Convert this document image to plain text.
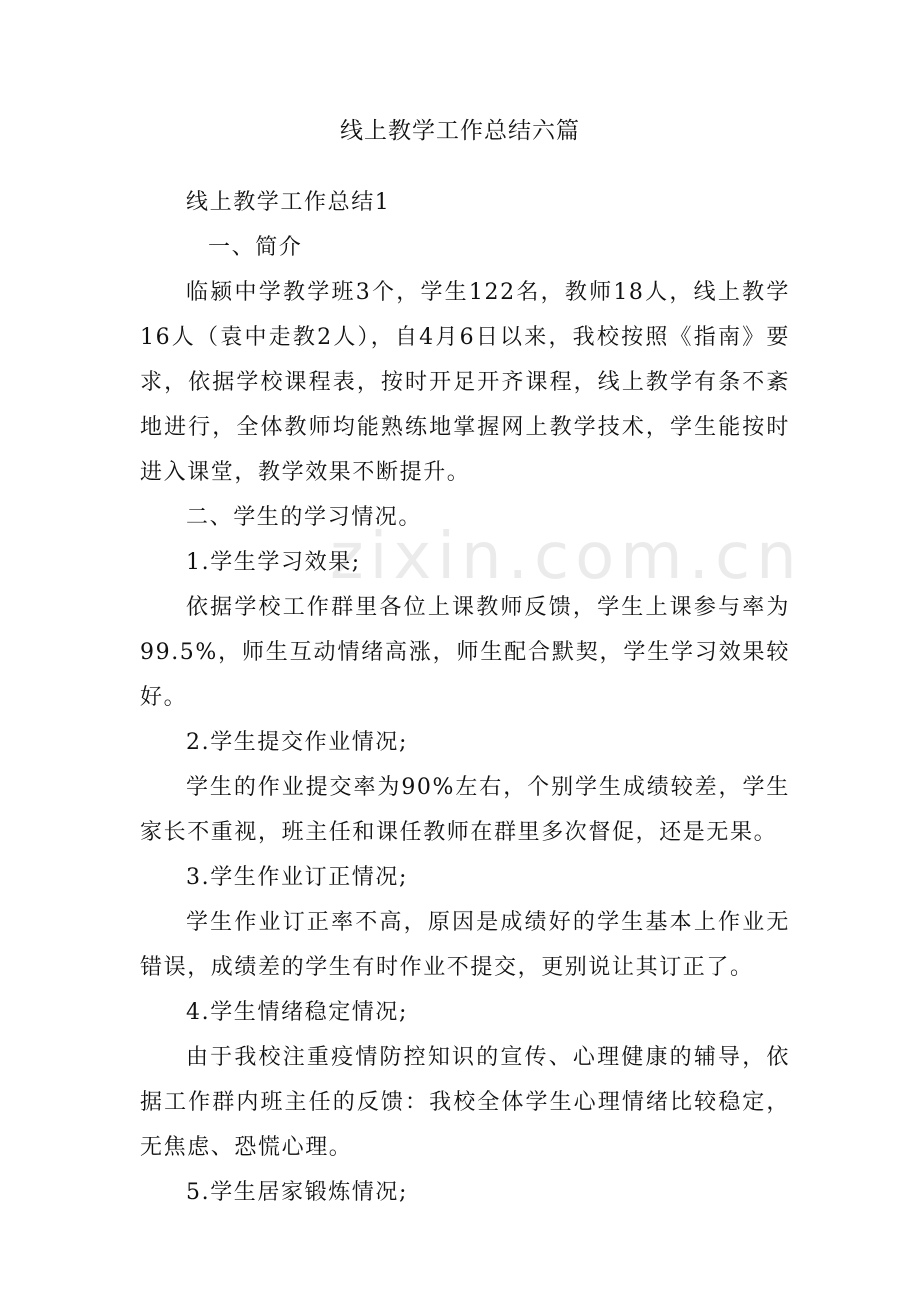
线上教学工作总结六篇
zixin.com.cn

线上教学工作总结1

一、简介

临颍中学教学班3个，学生122名，教师18人，线上教学16人（袁中走教2人），自4月6日以来，我校按照《指南》要求，依据学校课程表，按时开足开齐课程，线上教学有条不紊地进行，全体教师均能熟练地掌握网上教学技术，学生能按时进入课堂，教学效果不断提升。

二、学生的学习情况。

1.学生学习效果;

依据学校工作群里各位上课教师反馈，学生上课参与率为99.5%，师生互动情绪高涨，师生配合默契，学生学习效果较好。

2.学生提交作业情况;

学生的作业提交率为90%左右，个别学生成绩较差，学生家长不重视，班主任和课任教师在群里多次督促，还是无果。

3.学生作业订正情况;

学生作业订正率不高，原因是成绩好的学生基本上作业无错误，成绩差的学生有时作业不提交，更别说让其订正了。

4.学生情绪稳定情况;

由于我校注重疫情防控知识的宣传、心理健康的辅导，依据工作群内班主任的反馈：我校全体学生心理情绪比较稳定，无焦虑、恐慌心理。

5.学生居家锻炼情况;
